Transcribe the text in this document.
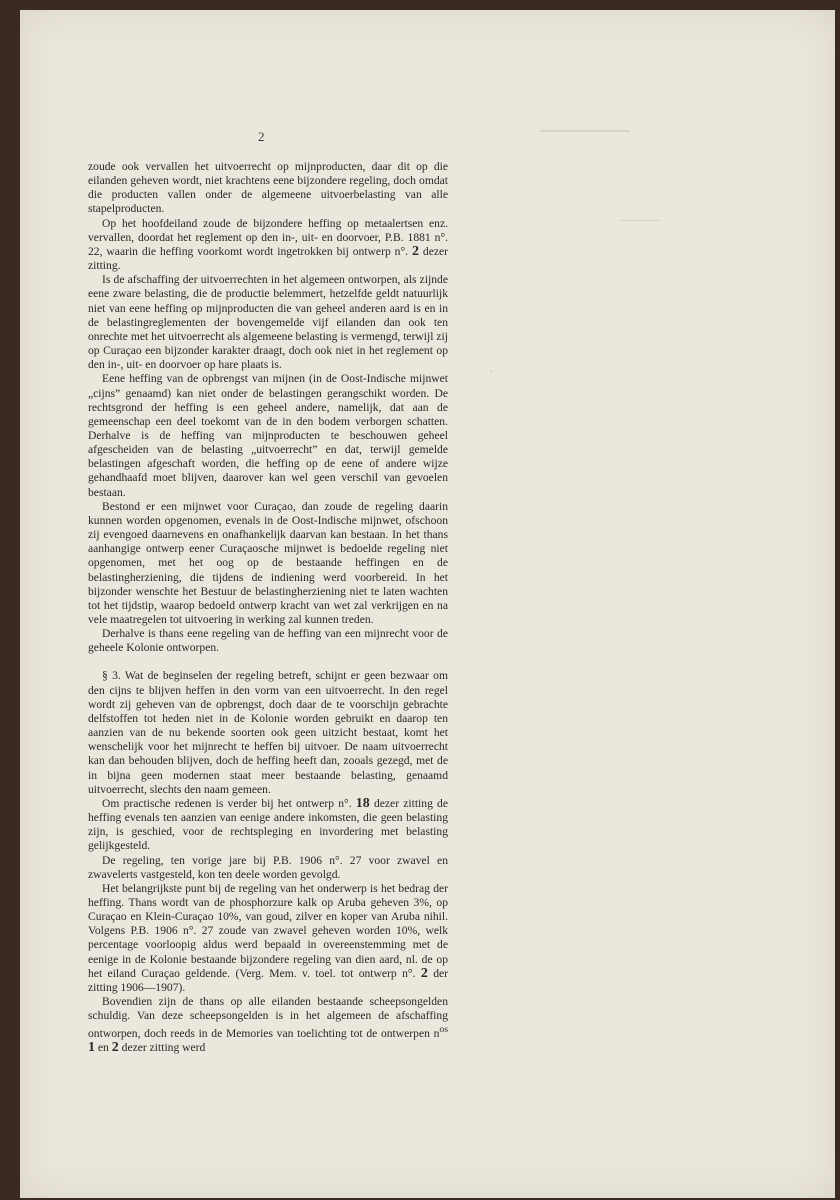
2

zoude ook vervallen het uitvoerrecht op mijnproducten, daar dit op die eilanden geheven wordt, niet krachtens eene bijzondere regeling, doch omdat die producten vallen onder de algemeene uitvoerbelasting van alle stapelproducten.

Op het hoofdeiland zoude de bijzondere heffing op metaalertsen enz. vervallen, doordat het reglement op den in-, uit- en doorvoer, P.B. 1881 n°. 22, waarin die heffing voorkomt wordt ingetrokken bij ontwerp n°. 2 dezer zitting.

Is de afschaffing der uitvoerrechten in het algemeen ontworpen, als zijnde eene zware belasting, die de productie belemmert, hetzelfde geldt natuurlijk niet van eene heffing op mijnproducten die van geheel anderen aard is en in de belastingreglementen der bovengemelde vijf eilanden dan ook ten onrechte met het uitvoerrecht als algemeene belasting is vermengd, terwijl zij op Curaçao een bijzonder karakter draagt, doch ook niet in het reglement op den in-, uit- en doorvoer op hare plaats is.

Eene heffing van de opbrengst van mijnen (in de Oost-Indische mijnwet „cijns” genaamd) kan niet onder de belastingen gerangschikt worden. De rechtsgrond der heffing is een geheel andere, namelijk, dat aan de gemeenschap een deel toekomt van de in den bodem verborgen schatten. Derhalve is de heffing van mijnproducten te beschouwen geheel afgescheiden van de belasting „uitvoerrecht” en dat, terwijl gemelde belastingen afgeschaft worden, die heffing op de eene of andere wijze gehandhaafd moet blijven, daarover kan wel geen verschil van gevoelen bestaan.

Bestond er een mijnwet voor Curaçao, dan zoude de regeling daarin kunnen worden opgenomen, evenals in de Oost-Indische mijnwet, ofschoon zij evengoed daarnevens en onafhankelijk daarvan kan bestaan. In het thans aanhangige ontwerp eener Curaçaosche mijnwet is bedoelde regeling niet opgenomen, met het oog op de bestaande heffingen en de belastingherziening, die tijdens de indiening werd voorbereid. In het bijzonder wenschte het Bestuur de belastingherziening niet te laten wachten tot het tijdstip, waarop bedoeld ontwerp kracht van wet zal verkrijgen en na vele maatregelen tot uitvoering in werking zal kunnen treden.

Derhalve is thans eene regeling van de heffing van een mijnrecht voor de geheele Kolonie ontworpen.

§ 3. Wat de beginselen der regeling betreft, schijnt er geen bezwaar om den cijns te blijven heffen in den vorm van een uitvoerrecht. In den regel wordt zij geheven van de opbrengst, doch daar de te voorschijn gebrachte delfstoffen tot heden niet in de Kolonie worden gebruikt en daarop ten aanzien van de nu bekende soorten ook geen uitzicht bestaat, komt het wenschelijk voor het mijnrecht te heffen bij uitvoer. De naam uitvoerrecht kan dan behouden blijven, doch de heffing heeft dan, zooals gezegd, met de in bijna geen modernen staat meer bestaande belasting, genaamd uitvoerrecht, slechts den naam gemeen.

Om practische redenen is verder bij het ontwerp n°. 18 dezer zitting de heffing evenals ten aanzien van eenige andere inkomsten, die geen belasting zijn, is geschied, voor de rechtspleging en invordering met belasting gelijkgesteld.

De regeling, ten vorige jare bij P.B. 1906 n°. 27 voor zwavel en zwavelerts vastgesteld, kon ten deele worden gevolgd.

Het belangrijkste punt bij de regeling van het onderwerp is het bedrag der heffing. Thans wordt van de phosphorzure kalk op Aruba geheven 3%, op Curaçao en Klein-Curaçao 10%, van goud, zilver en koper van Aruba nihil. Volgens P.B. 1906 n°. 27 zoude van zwavel geheven worden 10%, welk percentage voorloopig aldus werd bepaald in overeenstemming met de eenige in de Kolonie bestaande bijzondere regeling van dien aard, nl. de op het eiland Curaçao geldende. (Verg. Mem. v. toel. tot ontwerp n°. 2 der zitting 1906—1907).

Bovendien zijn de thans op alle eilanden bestaande scheepsongelden schuldig. Van deze scheepsongelden is in het algemeen de afschaffing ontworpen, doch reeds in de Memories van toelichting tot de ontwerpen $n^{os}$ 1 en 2 dezer zitting werd
